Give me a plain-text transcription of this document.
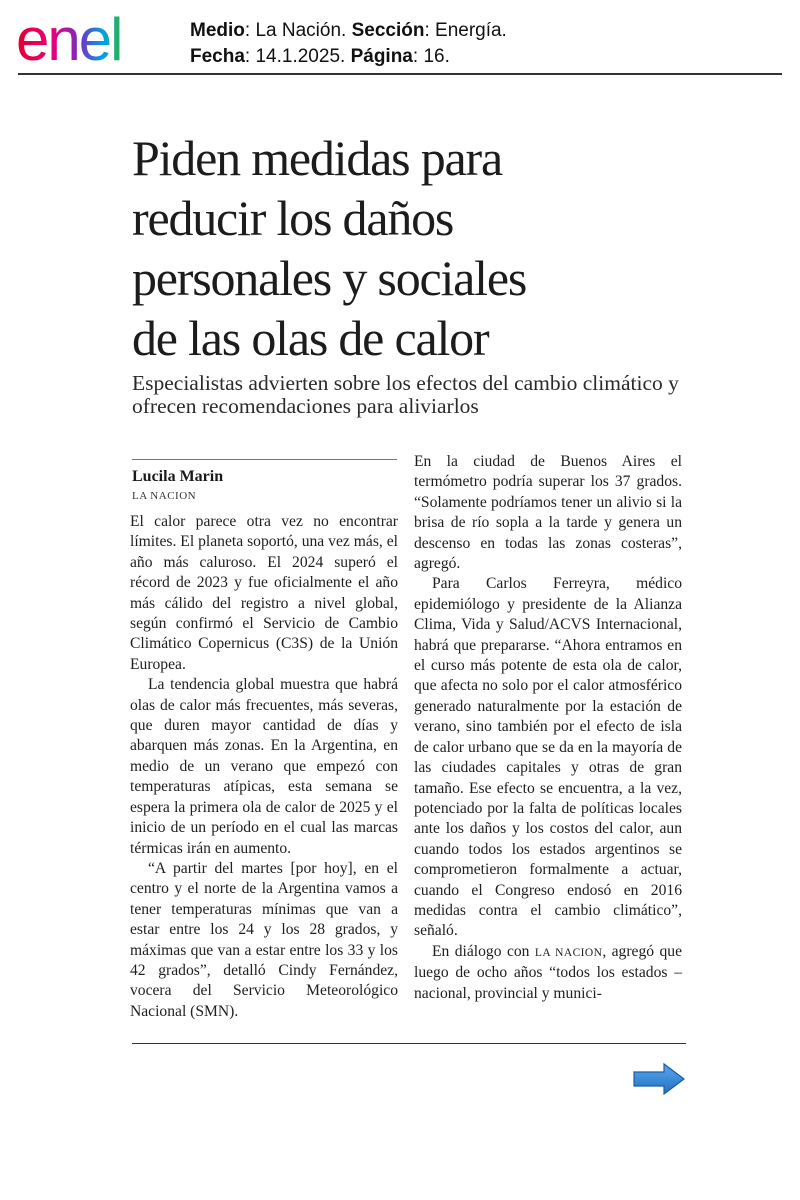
enel	Medio: La Nación. Sección: Energía.
Fecha: 14.1.2025. Página: 16.
Piden medidas para
reducir los daños
personales y sociales
de las olas de calor
Especialistas advierten sobre los efectos del cambio climático y ofrecen recomendaciones para aliviarlos
Lucila Marin
LA NACION

El calor parece otra vez no encontrar límites. El planeta soportó, una vez más, el año más caluroso. El 2024 superó el récord de 2023 y fue oficialmente el año más cálido del registro a nivel global, según confirmó el Servicio de Cambio Climático Copernicus (C3S) de la Unión Europea.

La tendencia global muestra que habrá olas de calor más frecuentes, más severas, que duren mayor cantidad de días y abarquen más zonas. En la Argentina, en medio de un verano que empezó con temperaturas atípicas, esta semana se espera la primera ola de calor de 2025 y el inicio de un período en el cual las marcas térmicas irán en aumento.

“A partir del martes [por hoy], en el centro y el norte de la Argentina vamos a tener temperaturas mínimas que van a estar entre los 24 y los 28 grados, y máximas que van a estar entre los 33 y los 42 grados”, detalló Cindy Fernández, vocera del Servicio Meteorológico Nacional (SMN).

En la ciudad de Buenos Aires el termómetro podría superar los 37 grados. “Solamente podríamos tener un alivio si la brisa de río sopla a la tarde y genera un descenso en todas las zonas costeras”, agregó.

Para Carlos Ferreyra, médico epidemiólogo y presidente de la Alianza Clima, Vida y Salud/ACVS Internacional, habrá que prepararse. “Ahora entramos en el curso más potente de esta ola de calor, que afecta no solo por el calor atmosférico generado naturalmente por la estación de verano, sino también por el efecto de isla de calor urbano que se da en la mayoría de las ciudades capitales y otras de gran tamaño. Ese efecto se encuentra, a la vez, potenciado por la falta de políticas locales ante los daños y los costos del calor, aun cuando todos los estados argentinos se comprometieron formalmente a actuar, cuando el Congreso endosó en 2016 medidas contra el cambio climático”, señaló.

En diálogo con LA NACION, agregó que luego de ocho años “todos los estados –nacional, provincial y munici-
